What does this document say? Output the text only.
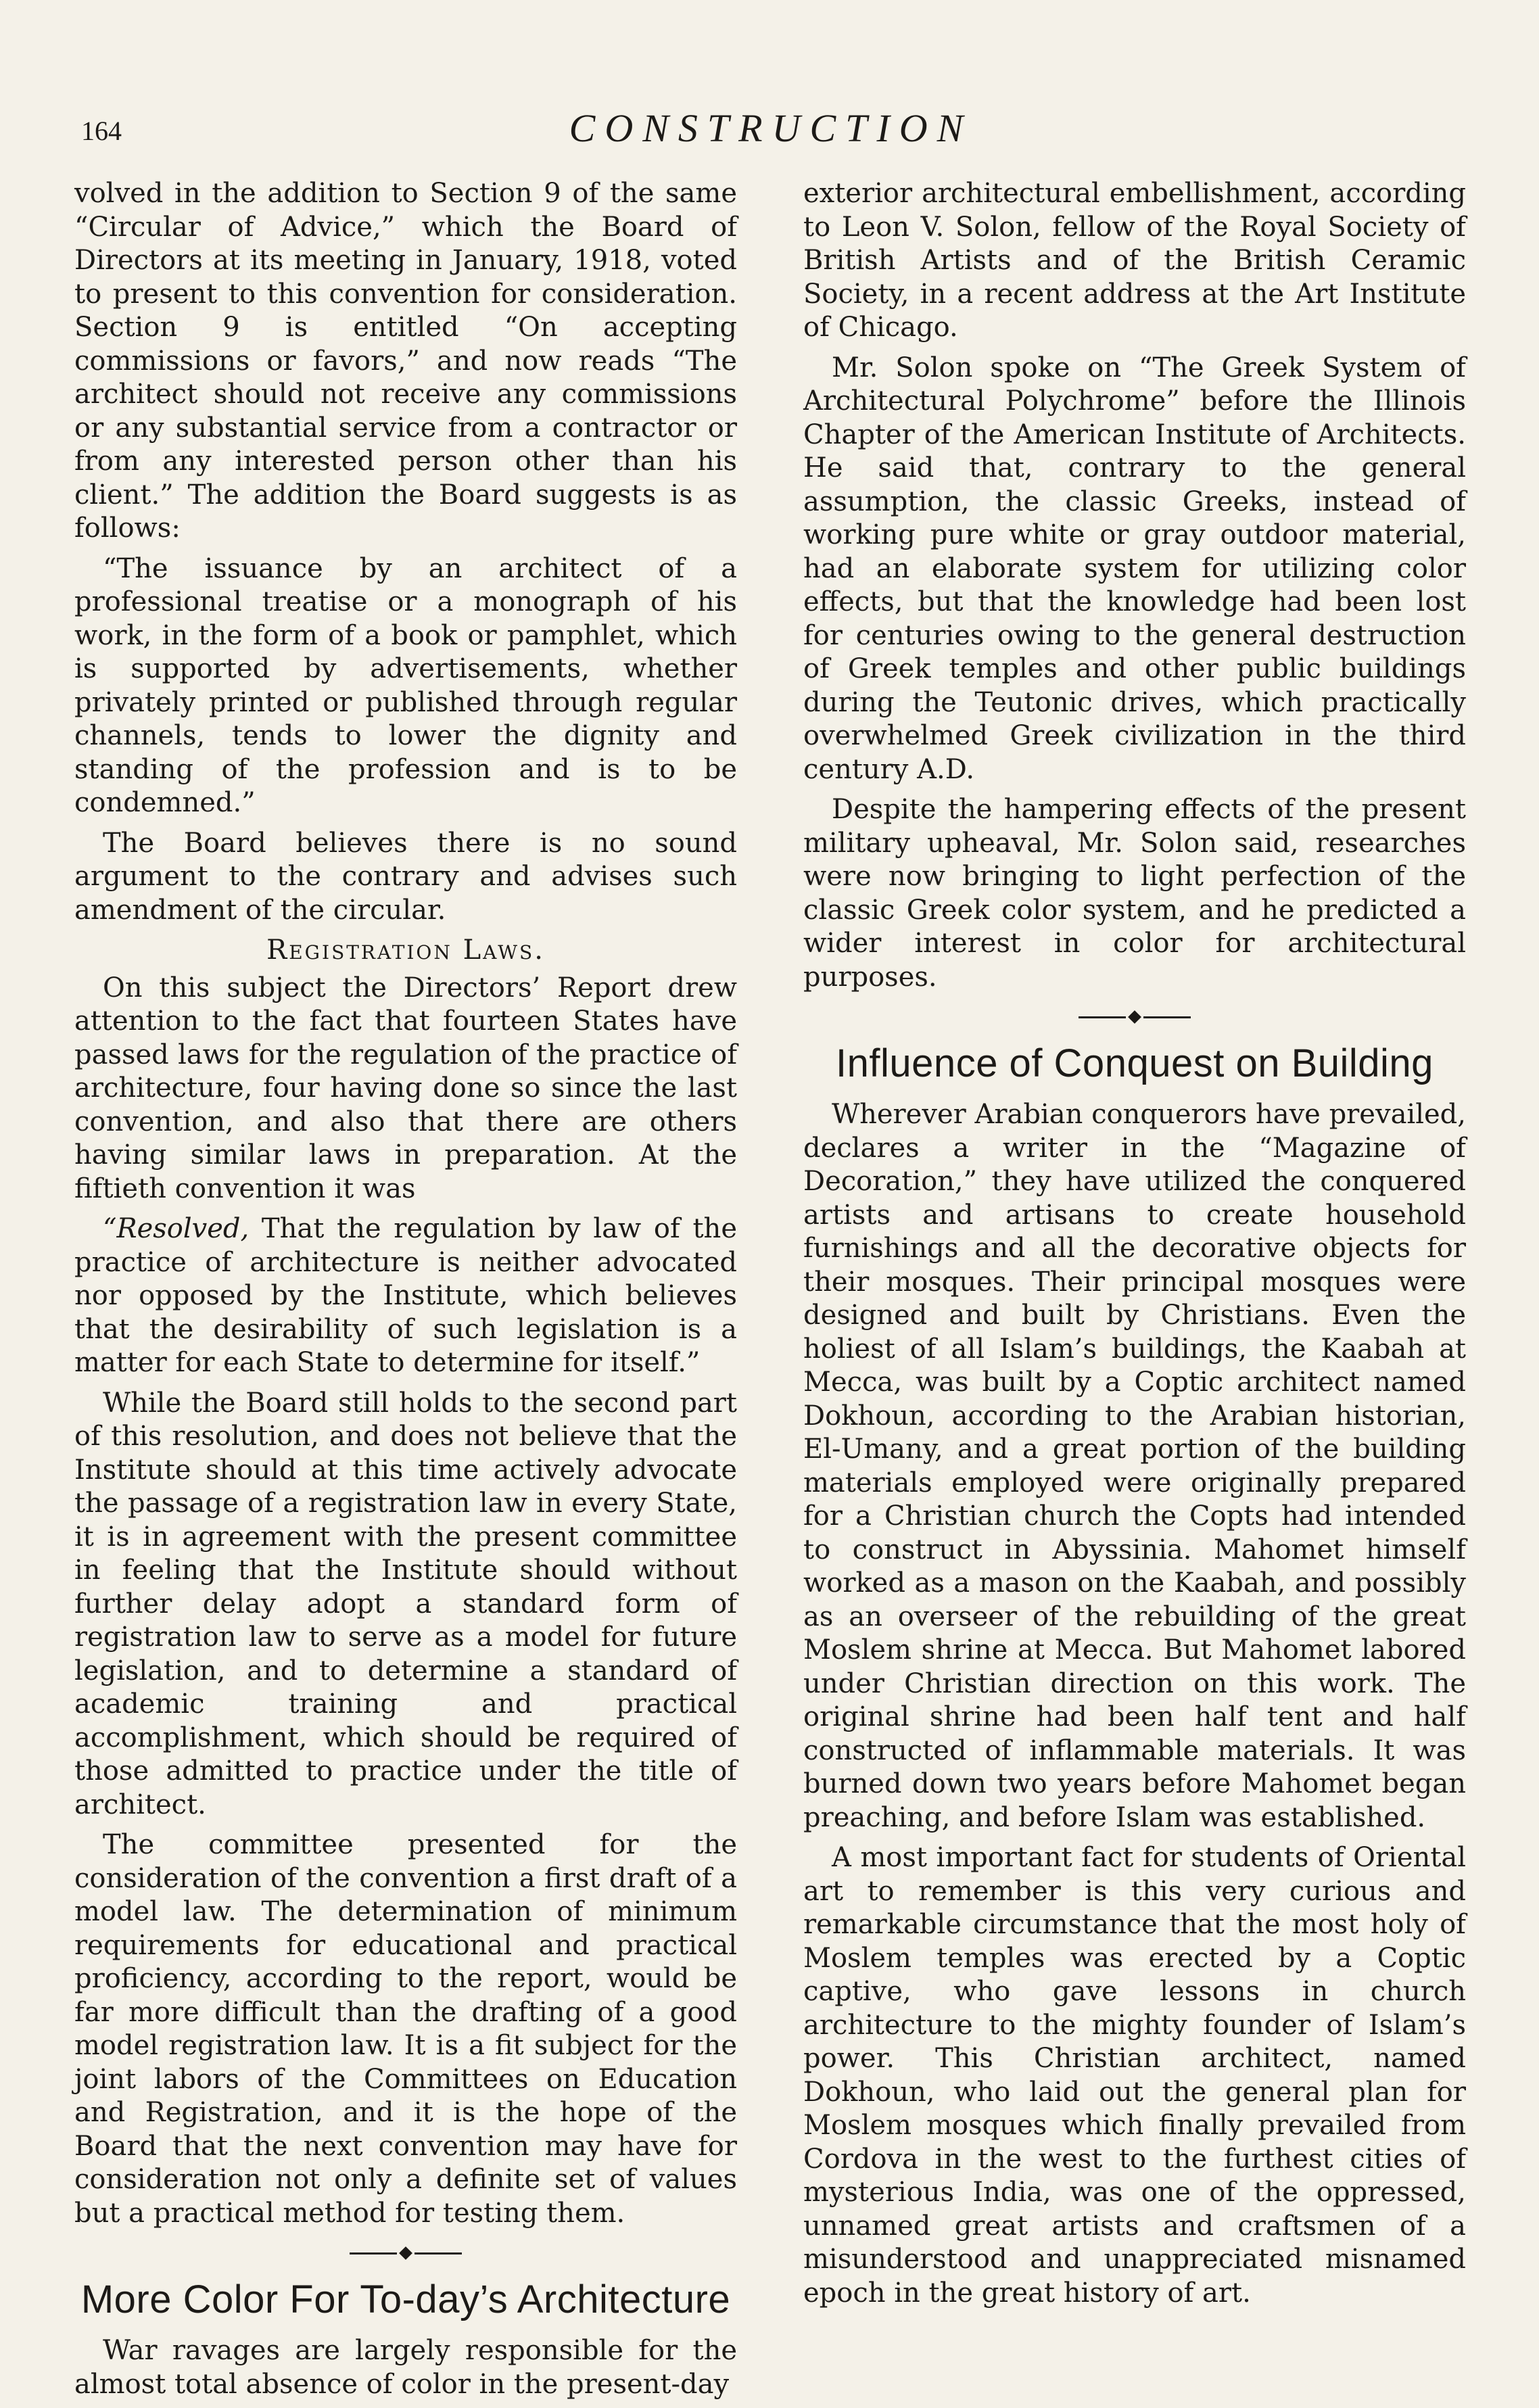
164	CONSTRUCTION

volved in the addition to Section 9 of the same “Circular of Advice,” which the Board of Directors at its meeting in January, 1918, voted to present to this convention for consideration. Section 9 is entitled “On accepting commissions or favors,” and now reads “The architect should not receive any commissions or any substantial service from a contractor or from any interested person other than his client.” The addition the Board suggests is as follows:

“The issuance by an architect of a professional treatise or a monograph of his work, in the form of a book or pamphlet, which is supported by advertisements, whether privately printed or published through regular channels, tends to lower the dignity and standing of the profession and is to be condemned.”

The Board believes there is no sound argument to the contrary and advises such amendment of the circular.

Registration Laws.

On this subject the Directors’ Report drew attention to the fact that fourteen States have passed laws for the regulation of the practice of architecture, four having done so since the last convention, and also that there are others having similar laws in preparation. At the fiftieth convention it was

“Resolved, That the regulation by law of the practice of architecture is neither advocated nor opposed by the Institute, which believes that the desirability of such legislation is a matter for each State to determine for itself.”

While the Board still holds to the second part of this resolution, and does not believe that the Institute should at this time actively advocate the passage of a registration law in every State, it is in agreement with the present committee in feeling that the Institute should without further delay adopt a standard form of registration law to serve as a model for future legislation, and to determine a standard of academic training and practical accomplishment, which should be required of those admitted to practice under the title of architect.

The committee presented for the consideration of the convention a first draft of a model law. The determination of minimum requirements for educational and practical proficiency, according to the report, would be far more difficult than the drafting of a good model registration law. It is a fit subject for the joint labors of the Committees on Education and Registration, and it is the hope of the Board that the next convention may have for consideration not only a definite set of values but a practical method for testing them.

More Color For To-day’s Architecture

War ravages are largely responsible for the almost total absence of color in the present-day

exterior architectural embellishment, according to Leon V. Solon, fellow of the Royal Society of British Artists and of the British Ceramic Society, in a recent address at the Art Institute of Chicago.

Mr. Solon spoke on “The Greek System of Architectural Polychrome” before the Illinois Chapter of the American Institute of Architects. He said that, contrary to the general assumption, the classic Greeks, instead of working pure white or gray outdoor material, had an elaborate system for utilizing color effects, but that the knowledge had been lost for centuries owing to the general destruction of Greek temples and other public buildings during the Teutonic drives, which practically overwhelmed Greek civilization in the third century A.D.

Despite the hampering effects of the present military upheaval, Mr. Solon said, researches were now bringing to light perfection of the classic Greek color system, and he predicted a wider interest in color for architectural purposes.

Influence of Conquest on Building

Wherever Arabian conquerors have prevailed, declares a writer in the “Magazine of Decoration,” they have utilized the conquered artists and artisans to create household furnishings and all the decorative objects for their mosques. Their principal mosques were designed and built by Christians. Even the holiest of all Islam’s buildings, the Kaabah at Mecca, was built by a Coptic architect named Dokhoun, according to the Arabian historian, El-Umany, and a great portion of the building materials employed were originally prepared for a Christian church the Copts had intended to construct in Abyssinia. Mahomet himself worked as a mason on the Kaabah, and possibly as an overseer of the rebuilding of the great Moslem shrine at Mecca. But Mahomet labored under Christian direction on this work. The original shrine had been half tent and half constructed of inflammable materials. It was burned down two years before Mahomet began preaching, and before Islam was established.

A most important fact for students of Oriental art to remember is this very curious and remarkable circumstance that the most holy of Moslem temples was erected by a Coptic captive, who gave lessons in church architecture to the mighty founder of Islam’s power. This Christian architect, named Dokhoun, who laid out the general plan for Moslem mosques which finally prevailed from Cordova in the west to the furthest cities of mysterious India, was one of the oppressed, unnamed great artists and craftsmen of a misunderstood and unappreciated misnamed epoch in the great history of art.
